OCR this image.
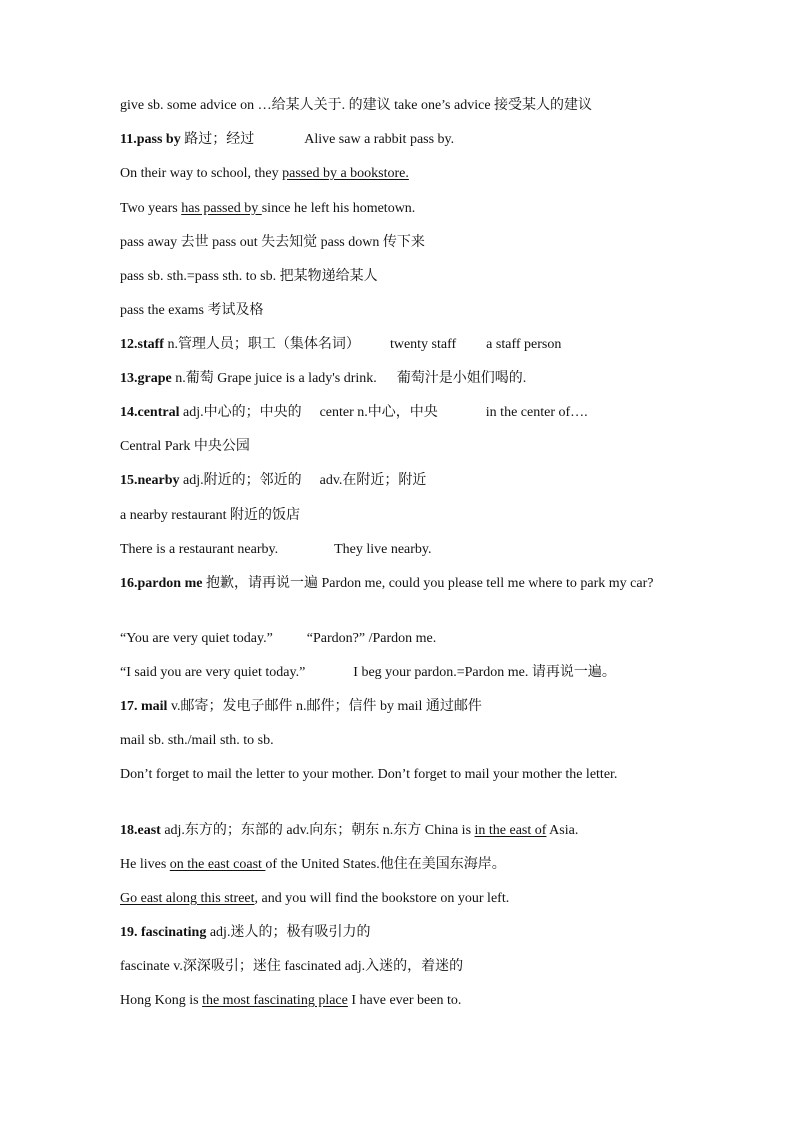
give sb. some advice on …给某人关于. 的建议 take one’s advice 接受某人的建议
11.pass by 路过；经过	Alive saw a rabbit pass by.
On their way to school, they passed by a bookstore.
Two years has passed by since he left his hometown.
pass away 去世 pass out 失去知觉 pass down 传下来
pass sb. sth.=pass sth. to sb. 把某物递给某人
pass the exams 考试及格
12.staff n.管理人员；职工（集体名词） twenty staff a staff person
13.grape n.葡萄 Grape juice is a lady's drink. 葡萄汁是小姐们喝的.
14.central adj.中心的；中央的 center n.中心，中央	in the center of….
Central Park 中央公园
15.nearby adj.附近的；邻近的 adv.在附近；附近
a nearby restaurant 附近的饭店
There is a restaurant nearby.	They live nearby.
16.pardon me 抱歉，请再说一遍 Pardon me, could you please tell me where to park my car?
“You are very quiet today.” “Pardon?” /Pardon me.
“I said you are very quiet today.”	I beg your pardon.=Pardon me. 请再说一遍。
17. mail v.邮寄；发电子邮件 n.邮件；信件 by mail 通过邮件
mail sb. sth./mail sth. to sb.
Don’t forget to mail the letter to your mother. Don’t forget to mail your mother the letter.
18.east adj.东方的；东部的 adv.向东；朝东 n.东方 China is in the east of Asia.
He lives on the east coast of the United States.他住在美国东海岸。
Go east along this street, and you will find the bookstore on your left.
19. fascinating adj.迷人的；极有吸引力的
fascinate v.深深吸引；迷住 fascinated adj.入迷的，着迷的
Hong Kong is the most fascinating place I have ever been to.
